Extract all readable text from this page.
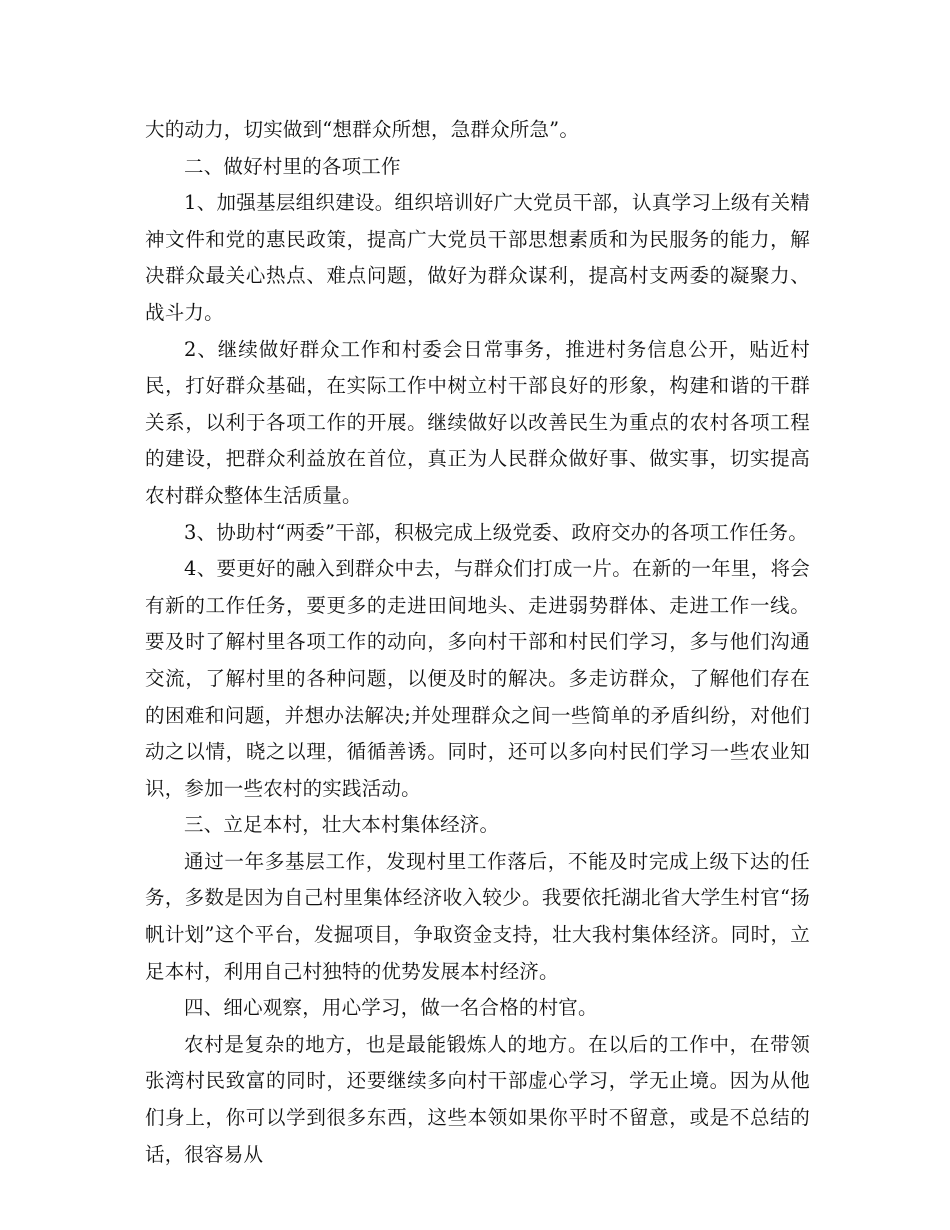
大的动力，切实做到“想群众所想，急群众所急”。

二、做好村里的各项工作

1、加强基层组织建设。组织培训好广大党员干部，认真学习上级有关精神文件和党的惠民政策，提高广大党员干部思想素质和为民服务的能力，解决群众最关心热点、难点问题，做好为群众谋利，提高村支两委的凝聚力、战斗力。

2、继续做好群众工作和村委会日常事务，推进村务信息公开，贴近村民，打好群众基础，在实际工作中树立村干部良好的形象，构建和谐的干群关系，以利于各项工作的开展。继续做好以改善民生为重点的农村各项工程的建设，把群众利益放在首位，真正为人民群众做好事、做实事，切实提高农村群众整体生活质量。

3、协助村“两委”干部，积极完成上级党委、政府交办的各项工作任务。

4、要更好的融入到群众中去，与群众们打成一片。在新的一年里，将会有新的工作任务，要更多的走进田间地头、走进弱势群体、走进工作一线。要及时了解村里各项工作的动向，多向村干部和村民们学习，多与他们沟通交流，了解村里的各种问题，以便及时的解决。多走访群众，了解他们存在的困难和问题，并想办法解决;并处理群众之间一些简单的矛盾纠纷，对他们动之以情，晓之以理，循循善诱。同时，还可以多向村民们学习一些农业知识，参加一些农村的实践活动。

三、立足本村，壮大本村集体经济。

通过一年多基层工作，发现村里工作落后，不能及时完成上级下达的任务，多数是因为自己村里集体经济收入较少。我要依托湖北省大学生村官“扬帆计划”这个平台，发掘项目，争取资金支持，壮大我村集体经济。同时，立足本村，利用自己村独特的优势发展本村经济。

四、细心观察，用心学习，做一名合格的村官。

农村是复杂的地方，也是最能锻炼人的地方。在以后的工作中，在带领张湾村民致富的同时，还要继续多向村干部虚心学习，学无止境。因为从他们身上，你可以学到很多东西，这些本领如果你平时不留意，或是不总结的话，很容易从
